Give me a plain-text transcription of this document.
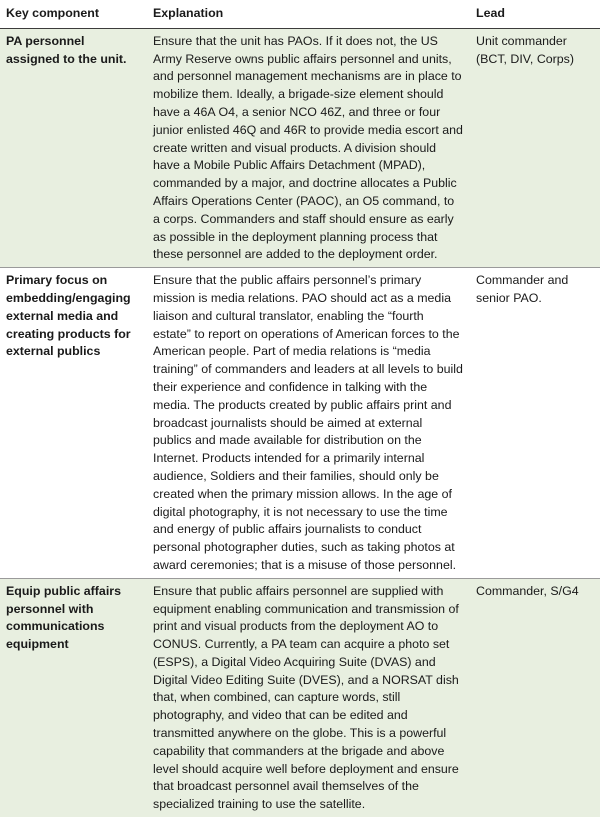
Key component	Explanation	Lead
PA personnel assigned to the unit.	Ensure that the unit has PAOs. If it does not, the US Army Reserve owns public affairs personnel and units, and personnel management mechanisms are in place to mobilize them. Ideally, a brigade-size element should have a 46A O4, a senior NCO 46Z, and three or four junior enlisted 46Q and 46R to provide media escort and create written and visual products. A division should have a Mobile Public Affairs Detachment (MPAD), commanded by a major, and doctrine allocates a Public Affairs Operations Center (PAOC), an O5 command, to a corps. Commanders and staff should ensure as early as possible in the deployment planning process that these personnel are added to the deployment order.	Unit commander (BCT, DIV, Corps)
Primary focus on embedding/engaging external media and creating products for external publics	Ensure that the public affairs personnel’s primary mission is media relations. PAO should act as a media liaison and cultural translator, enabling the “fourth estate” to report on operations of American forces to the American people. Part of media relations is “media training” of commanders and leaders at all levels to build their experience and confidence in talking with the media. The products created by public affairs print and broadcast journalists should be aimed at external publics and made available for distribution on the Internet. Products intended for a primarily internal audience, Soldiers and their families, should only be created when the primary mission allows. In the age of digital photography, it is not necessary to use the time and energy of public affairs journalists to conduct personal photographer duties, such as taking photos at award ceremonies; that is a misuse of those personnel.	Commander and senior PAO.
Equip public affairs personnel with communications equipment	Ensure that public affairs personnel are supplied with equipment enabling communication and transmission of print and visual products from the deployment AO to CONUS. Currently, a PA team can acquire a photo set (ESPS), a Digital Video Acquiring Suite (DVAS) and Digital Video Editing Suite (DVES), and a NORSAT dish that, when combined, can capture words, still photography, and video that can be edited and transmitted anywhere on the globe. This is a powerful capability that commanders at the brigade and above level should acquire well before deployment and ensure that broadcast personnel avail themselves of the specialized training to use the satellite.	Commander, S/G4
